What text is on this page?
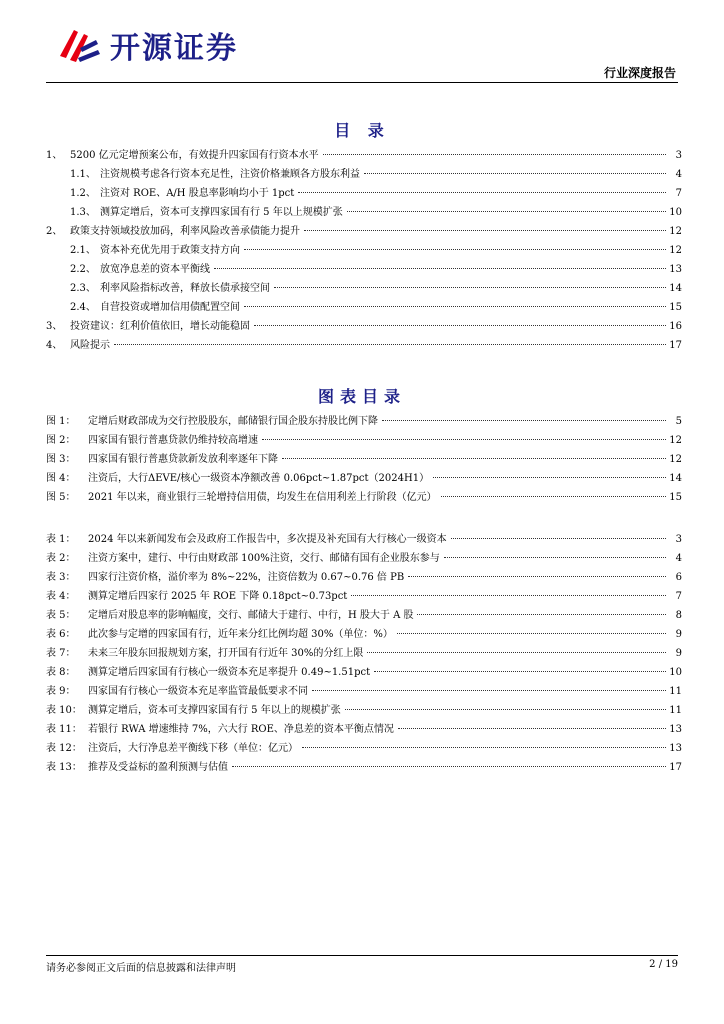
开源证券
行业深度报告
目 录
1、 5200 亿元定增预案公布，有效提升四家国有行资本水平	3
1.1、 注资规模考虑各行资本充足性，注资价格兼顾各方股东利益	4
1.2、 注资对 ROE、A/H 股息率影响均小于 1pct	7
1.3、 测算定增后，资本可支撑四家国有行 5 年以上规模扩张	10
2、 政策支持领域投放加码，利率风险改善承债能力提升	12
2.1、 资本补充优先用于政策支持方向	12
2.2、 放宽净息差的资本平衡线	13
2.3、 利率风险指标改善，释放长债承接空间	14
2.4、 自营投资或增加信用债配置空间	15
3、 投资建议：红利价值依旧，增长动能稳固	16
4、 风险提示	17
图表目录
图 1：	定增后财政部成为交行控股股东，邮储银行国企股东持股比例下降	5
图 2：	四家国有银行普惠贷款仍维持较高增速	12
图 3：	四家国有银行普惠贷款新发放利率逐年下降	12
图 4：	注资后，大行ΔEVE/核心一级资本净额改善 0.06pct~1.87pct（2024H1）	14
图 5：	2021 年以来，商业银行三轮增持信用债，均发生在信用利差上行阶段（亿元）	15
表 1：	2024 年以来新闻发布会及政府工作报告中，多次提及补充国有大行核心一级资本	3
表 2：	注资方案中，建行、中行由财政部 100%注资，交行、邮储有国有企业股东参与	4
表 3：	四家行注资价格，溢价率为 8%~22%，注资倍数为 0.67~0.76 倍 PB	6
表 4：	测算定增后四家行 2025 年 ROE 下降 0.18pct~0.73pct	7
表 5：	定增后对股息率的影响幅度，交行、邮储大于建行、中行，H 股大于 A 股	8
表 6：	此次参与定增的四家国有行，近年来分红比例均超 30%（单位：%）	9
表 7：	未来三年股东回报规划方案，打开国有行近年 30%的分红上限	9
表 8：	测算定增后四家国有行核心一级资本充足率提升 0.49~1.51pct	10
表 9：	四家国有行核心一级资本充足率监管最低要求不同	11
表 10： 测算定增后，资本可支撑四家国有行 5 年以上的规模扩张	11
表 11： 若银行 RWA 增速维持 7%，六大行 ROE、净息差的资本平衡点情况	13
表 12： 注资后，大行净息差平衡线下移（单位：亿元）	13
表 13： 推荐及受益标的盈利预测与估值	17
请务必参阅正文后面的信息披露和法律声明	2 / 19
